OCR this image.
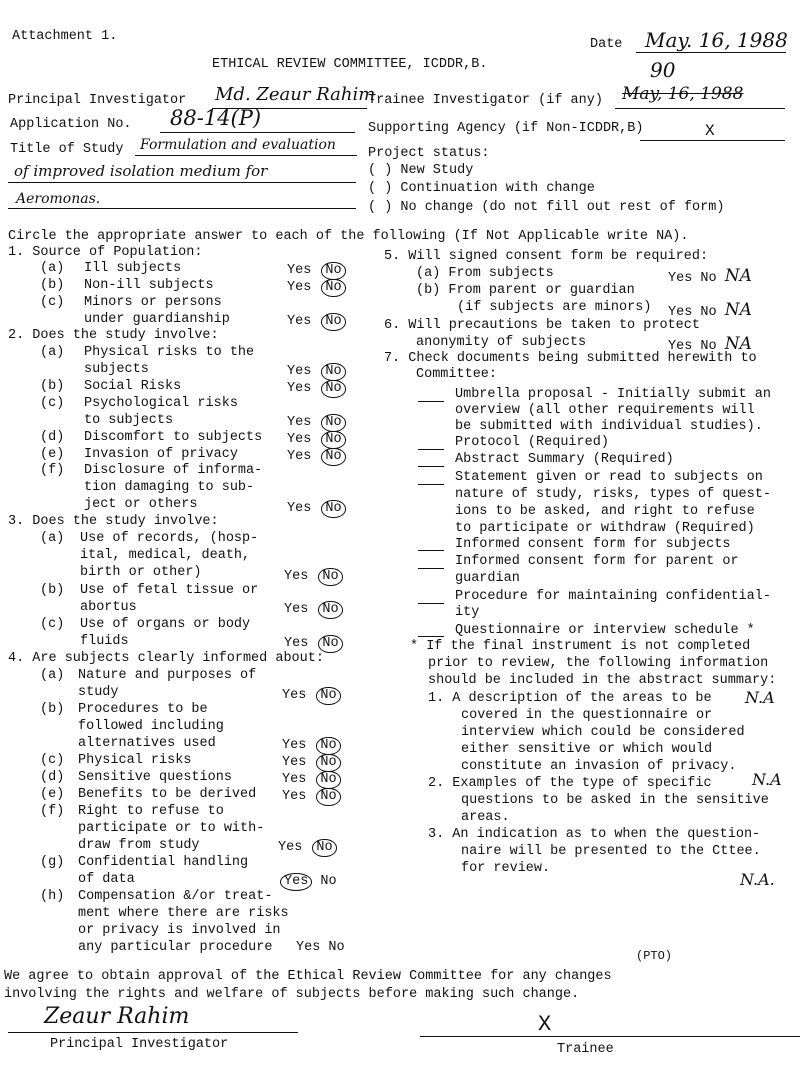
Attachment 1.
Date May. 16, 1988
90
ETHICAL REVIEW COMMITTEE, ICDDR,B.
Principal Investigator Md. Zeaur Rahim
Trainee Investigator (if any) May, 16, 1988
Application No. 88-14(P)	Supporting Agency (if Non-ICDDR,B)	X
Title of Study Formulation and evaluation
of improved isolation medium for
Aeromonas.
Project status:
( ) New Study
( ) Continuation with change
( ) No change (do not fill out rest of form)
Circle the appropriate answer to each of the following (If Not Applicable write NA).
1. Source of Population:
(a) Ill subjects	Yes No
(b) Non-ill subjects	Yes No
(c) Minors or persons
under guardianship	Yes No
2. Does the study involve:
(a) Physical risks to the
subjects	Yes No
(b) Social Risks	Yes No
(c) Psychological risks
to subjects	Yes No
(d) Discomfort to subjects Yes No
(e) Invasion of privacy	Yes No
(f) Disclosure of informa-
tion damaging to sub-
ject or others	Yes No
3. Does the study involve:
(a) Use of records, (hosp-
ital, medical, death,
birth or other)	Yes No
(b) Use of fetal tissue or
abortus	Yes No
(c) Use of organs or body
fluids	Yes No
4. Are subjects clearly informed about:
(a) Nature and purposes of
study	Yes No
(b) Procedures to be
followed including
alternatives used	Yes No
(c) Physical risks	Yes No
(d) Sensitive questions	Yes No
(e) Benefits to be derived Yes No
(f) Right to refuse to
participate or to with-
draw from study	Yes No
(g) Confidential handling
of data	Yes No
(h) Compensation &/or treat-
ment where there are risks
or privacy is involved in
any particular procedure Yes No
5. Will signed consent form be required:
(a) From subjects	Yes No NA
(b) From parent or guardian
(if subjects are minors) Yes No NA
6. Will precautions be taken to protect
anonymity of subjects	Yes No NA
7. Check documents being submitted herewith to
Committee:
Umbrella proposal - Initially submit an
overview (all other requirements will
be submitted with individual studies).
Protocol (Required)
Abstract Summary (Required)
Statement given or read to subjects on
nature of study, risks, types of quest-
ions to be asked, and right to refuse
to participate or withdraw (Required)
Informed consent form for subjects
Informed consent form for parent or
guardian
Procedure for maintaining confidential-
ity
Questionnaire or interview schedule *
* If the final instrument is not completed
prior to review, the following information
should be included in the abstract summary:
1. A description of the areas to be N.A
covered in the questionnaire or
interview which could be considered
either sensitive or which would
constitute an invasion of privacy.
2. Examples of the type of specific	N.A
questions to be asked in the sensitive
areas.
3. An indication as to when the question-
naire will be presented to the Cttee.
for review.
N.A.
(PTO)
We agree to obtain approval of the Ethical Review Committee for any changes
involving the rights and welfare of subjects before making such change.
Zeaur Rahim
Principal Investigator
X
Trainee
